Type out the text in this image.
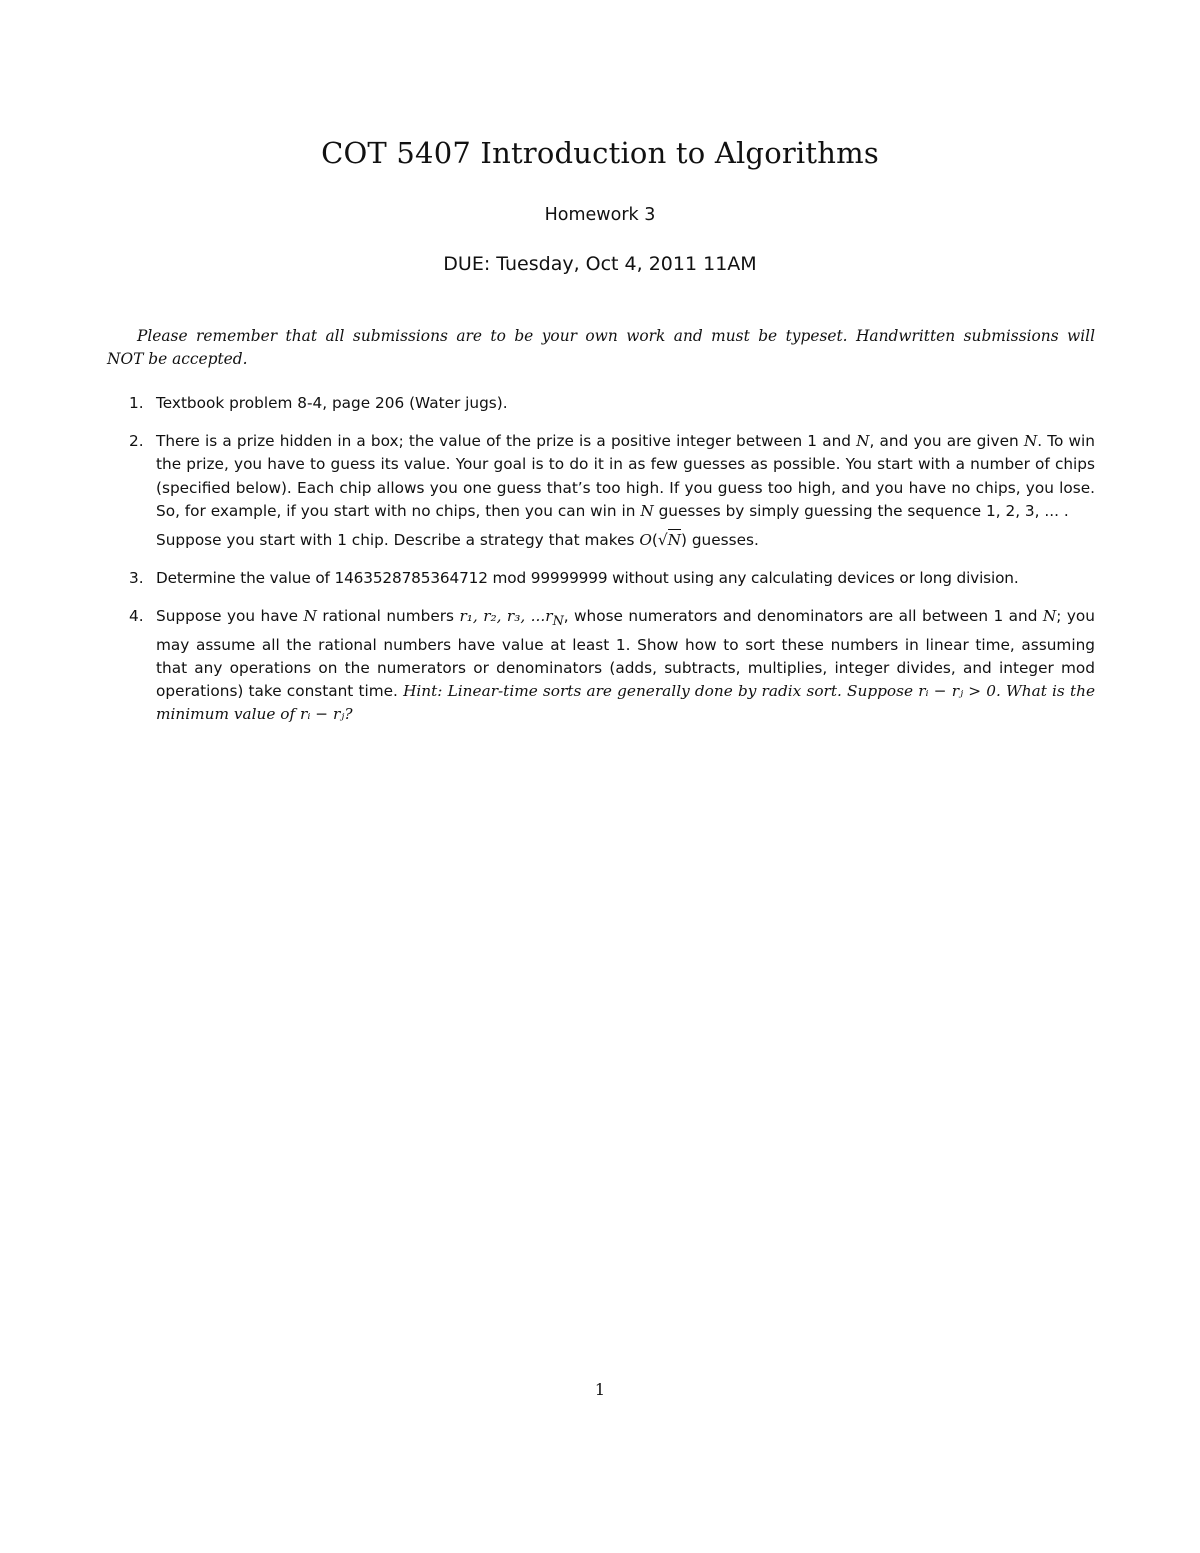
COT 5407 Introduction to Algorithms
Homework 3
DUE: Tuesday, Oct 4, 2011 11AM
Please remember that all submissions are to be your own work and must be typeset. Handwritten submissions will
NOT be accepted.
1. Textbook problem 8-4, page 206 (Water jugs).

2. There is a prize hidden in a box; the value of the prize is a positive integer between 1 and N, and you are given N. To win the prize, you have to guess its value. Your goal is to do it in as few guesses as possible. You start with a number of chips (specified below). Each chip allows you one guess that’s too high. If you guess too high, and you have no chips, you lose. So, for example, if you start with no chips, then you can win in N guesses by simply guessing the sequence 1, 2, 3, ... .

Suppose you start with 1 chip. Describe a strategy that makes O(√N) guesses.

3. Determine the value of 1463528785364712 mod 99999999 without using any calculating devices or long division.

4. Suppose you have N rational numbers r₁, r₂, r₃, $...r_N$, whose numerators and denominators are all between 1 and N; you may assume all the rational numbers have value at least 1. Show how to sort these numbers in linear time, assuming that any operations on the numerators or denominators (adds, subtracts, multiplies, integer divides, and integer mod operations) take constant time. Hint: Linear-time sorts are generally done by radix sort. Suppose rᵢ − rⱼ > 0. What is the minimum value of rᵢ − rⱼ?

1
